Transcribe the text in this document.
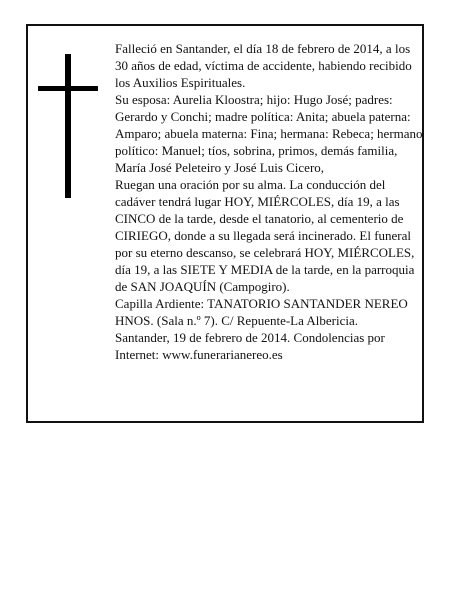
Falleció en Santander, el día 18 de febrero de 2014, a los 30 años de edad, víctima de accidente, habiendo recibido los Auxilios Espirituales.

Su esposa: Aurelia Kloostra; hijo: Hugo José; padres: Gerardo y Conchi; madre política: Anita; abuela paterna: Amparo; abuela materna: Fina; hermana: Rebeca; hermano político: Manuel; tíos, sobrina, primos, demás familia, María José Peleteiro y José Luis Cicero,

Ruegan una oración por su alma. La conducción del cadáver tendrá lugar HOY, MIÉRCOLES, día 19, a las CINCO de la tarde, desde el tanatorio, al cementerio de CIRIEGO, donde a su llegada será incinerado. El funeral por su eterno descanso, se celebrará HOY, MIÉRCOLES, día 19, a las SIETE Y MEDIA de la tarde, en la parroquia de SAN JOAQUÍN (Campogiro).

Capilla Ardiente: TANATORIO SANTANDER NEREO HNOS. (Sala n.º 7). C/ Repuente-La Albericia.

Santander, 19 de febrero de 2014. Condolencias por Internet: www.funerarianereo.es
